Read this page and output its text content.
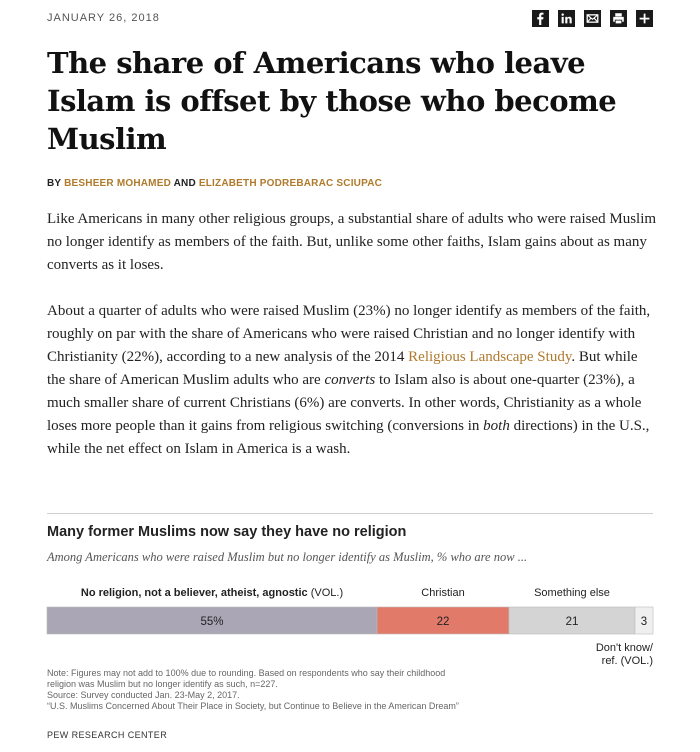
JANUARY 26, 2018
The share of Americans who leave Islam is offset by those who become Muslim
BY BESHEER MOHAMED AND ELIZABETH PODREBARAC SCIUPAC

Like Americans in many other religious groups, a substantial share of adults who were raised Muslim no longer identify as members of the faith. But, unlike some other faiths, Islam gains about as many converts as it loses.

About a quarter of adults who were raised Muslim (23%) no longer identify as members of the faith, roughly on par with the share of Americans who were raised Christian and no longer identify with Christianity (22%), according to a new analysis of the 2014 Religious Landscape Study. But while the share of American Muslim adults who are converts to Islam also is about one-quarter (23%), a much smaller share of current Christians (6%) are converts. In other words, Christianity as a whole loses more people than it gains from religious switching (conversions in both directions) in the U.S., while the net effect on Islam in America is a wash.

Many former Muslims now say they have no religion
Among Americans who were raised Muslim but no longer identify as Muslim, % who are now ...
55%
No religion, not a believer, atheist, agnostic (VOL.)
22
Christian
21
Something else
3
Don't know/ ref. (VOL.)
Note: Figures may not add to 100% due to rounding. Based on respondents who say their childhood
religion was Muslim but no longer identify as such, n=227.
Source: Survey conducted Jan. 23-May 2, 2017.
“U.S. Muslims Concerned About Their Place in Society, but Continue to Believe in the American Dream”
PEW RESEARCH CENTER
